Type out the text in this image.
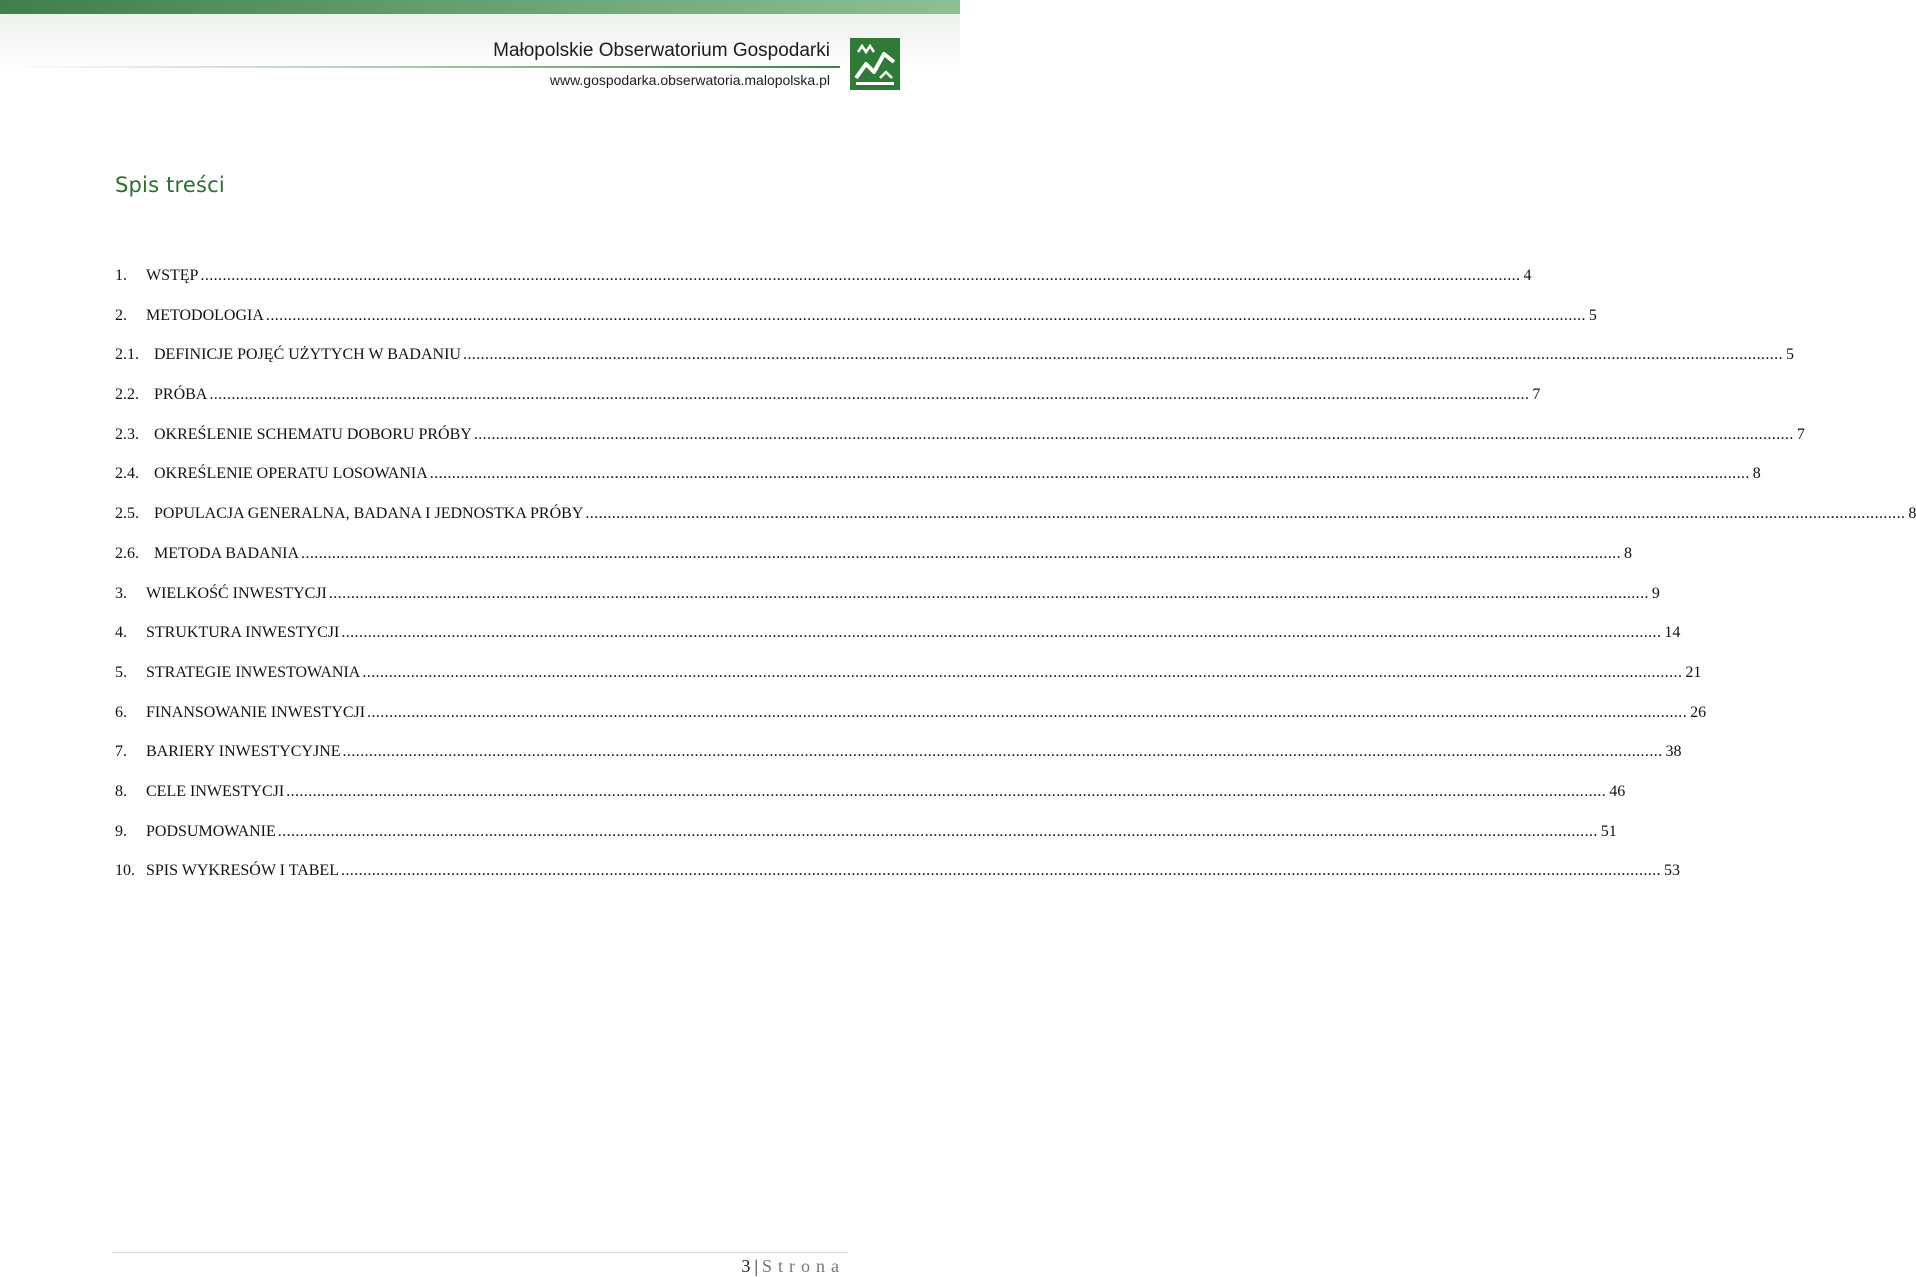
Małopolskie Obserwatorium Gospodarki
www.gospodarka.obserwatoria.malopolska.pl
Spis treści
1.	WSTĘP ............................................................................................................................................................................................................................................................................................................ 4
2.	METODOLOGIA ............................................................................................................................................................................................................................................................................................................ 5
2.1. DEFINICJE POJĘĆ UŻYTYCH W BADANIU ............................................................................................................................................................................................................................................................................................................ 5
2.2. PRÓBA ............................................................................................................................................................................................................................................................................................................ 7
2.3. OKREŚLENIE SCHEMATU DOBORU PRÓBY ............................................................................................................................................................................................................................................................................................................ 7
2.4. OKREŚLENIE OPERATU LOSOWANIA ............................................................................................................................................................................................................................................................................................................ 8
2.5. POPULACJA GENERALNA, BADANA I JEDNOSTKA PRÓBY ............................................................................................................................................................................................................................................................................................................ 8
2.6. METODA BADANIA ............................................................................................................................................................................................................................................................................................................ 8
3.	WIELKOŚĆ INWESTYCJI ............................................................................................................................................................................................................................................................................................................ 9
4.	STRUKTURA INWESTYCJI ............................................................................................................................................................................................................................................................................................................ 14
5.	STRATEGIE INWESTOWANIA ............................................................................................................................................................................................................................................................................................................ 21
6.	FINANSOWANIE INWESTYCJI ............................................................................................................................................................................................................................................................................................................ 26
7.	BARIERY INWESTYCYJNE ............................................................................................................................................................................................................................................................................................................ 38
8.	CELE INWESTYCJI ............................................................................................................................................................................................................................................................................................................ 46
9.	PODSUMOWANIE ............................................................................................................................................................................................................................................................................................................ 51
10. SPIS WYKRESÓW I TABEL ............................................................................................................................................................................................................................................................................................................ 53
3 | Strona
